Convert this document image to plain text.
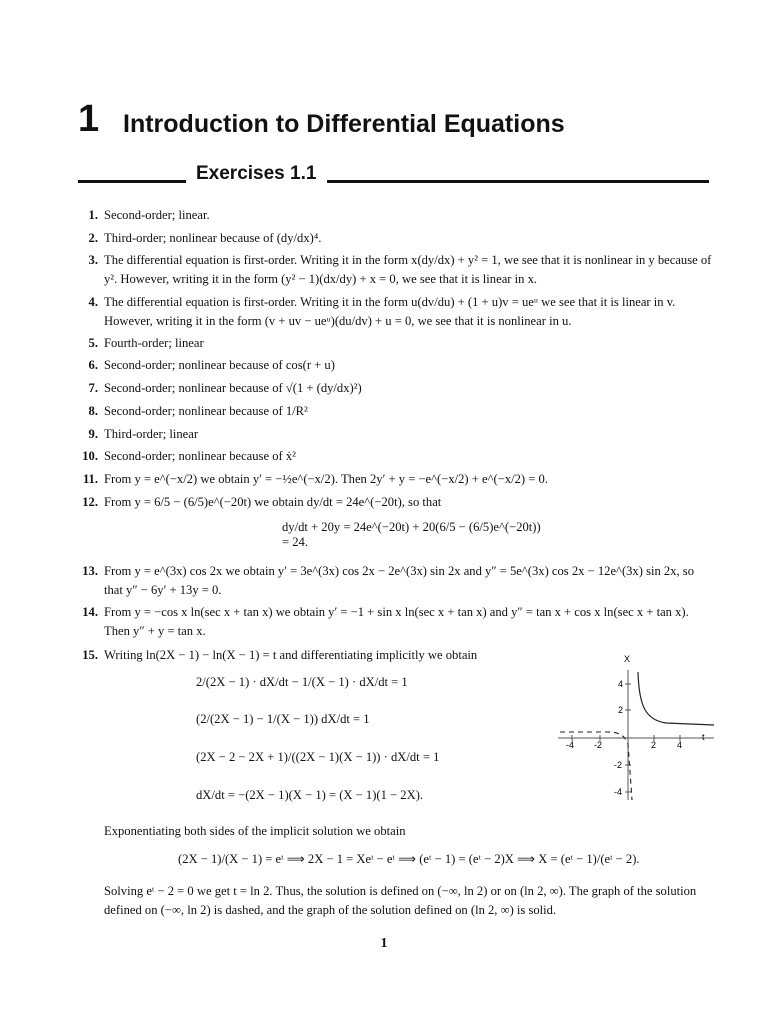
1 Introduction to Differential Equations
Exercises 1.1
1. Second-order; linear.
2. Third-order; nonlinear because of (dy/dx)⁴.
3. The differential equation is first-order. Writing it in the form x(dy/dx) + y² = 1, we see that it is nonlinear in y because of y². However, writing it in the form (y² − 1)(dx/dy) + x = 0, we see that it is linear in x.
4. The differential equation is first-order. Writing it in the form u(dv/du) + (1 + u)v = ueᵘ we see that it is linear in v. However, writing it in the form (v + uv − ueᵘ)(du/dv) + u = 0, we see that it is nonlinear in u.
5. Fourth-order; linear
6. Second-order; nonlinear because of cos(r + u)
7. Second-order; nonlinear because of √(1 + (dy/dx)²)
8. Second-order; nonlinear because of 1/R²
9. Third-order; linear
10. Second-order; nonlinear because of ẋ²
11. From y = e^(−x/2) we obtain y′ = −½e^(−x/2). Then 2y′ + y = −e^(−x/2) + e^(−x/2) = 0.
12. From y = 6/5 − (6/5)e^(−20t) we obtain dy/dt = 24e^(−20t), so that
dy/dt + 20y = 24e^(−20t) + 20(6/5 − (6/5)e^(−20t)) = 24.
13. From y = e^(3x) cos 2x we obtain y′ = 3e^(3x) cos 2x − 2e^(3x) sin 2x and y″ = 5e^(3x) cos 2x − 12e^(3x) sin 2x, so that y″ − 6y′ + 13y = 0.
14. From y = −cos x ln(sec x + tan x) we obtain y′ = −1 + sin x ln(sec x + tan x) and y″ = tan x + cos x ln(sec x + tan x). Then y″ + y = tan x.
15. Writing ln(2X − 1) − ln(X − 1) = t and differentiating implicitly we obtain
2/(2X − 1) · dX/dt − 1/(X − 1) · dX/dt = 1
(2/(2X − 1) − 1/(X − 1)) dX/dt = 1
(2X − 2 − 2X + 1)/((2X − 1)(X − 1)) · dX/dt = 1
dX/dt = −(2X − 1)(X − 1) = (X − 1)(1 − 2X).
X
t
4
2
-2
-4
-4 -2	2 4
Exponentiating both sides of the implicit solution we obtain
(2X − 1)/(X − 1) = eᵗ ⟹ 2X − 1 = Xeᵗ − eᵗ ⟹ (eᵗ − 1) = (eᵗ − 2)X ⟹ X = (eᵗ − 1)/(eᵗ − 2).
Solving eᵗ − 2 = 0 we get t = ln 2. Thus, the solution is defined on (−∞, ln 2) or on (ln 2, ∞). The graph of the solution defined on (−∞, ln 2) is dashed, and the graph of the solution defined on (ln 2, ∞) is solid.
1
